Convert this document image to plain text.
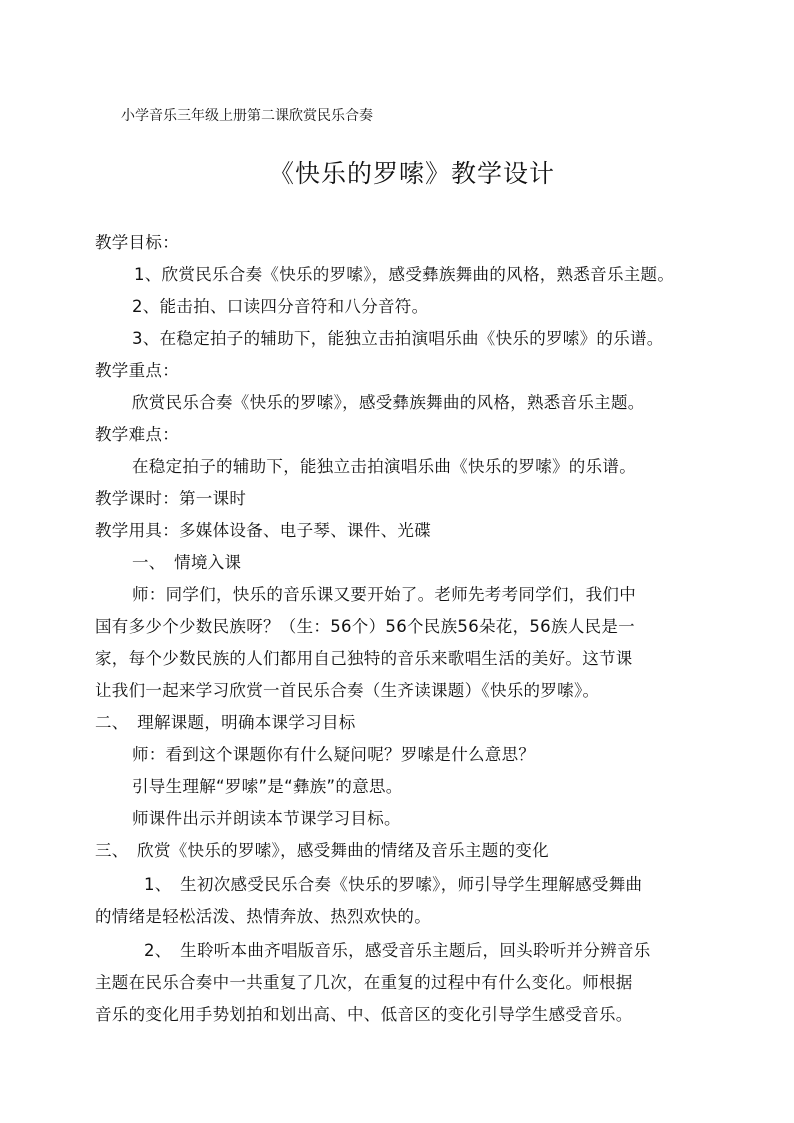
小学音乐三年级上册第二课欣赏民乐合奏
《快乐的罗嗦》教学设计
教学目标：
1、欣赏民乐合奏《快乐的罗嗦》，感受彝族舞曲的风格，熟悉音乐主题。
2、能击拍、口读四分音符和八分音符。
3、在稳定拍子的辅助下，能独立击拍演唱乐曲《快乐的罗嗦》的乐谱。
教学重点：
欣赏民乐合奏《快乐的罗嗦》，感受彝族舞曲的风格，熟悉音乐主题。
教学难点：
在稳定拍子的辅助下，能独立击拍演唱乐曲《快乐的罗嗦》的乐谱。
教学课时：第一课时
教学用具：多媒体设备、电子琴、课件、光碟
一、　情境入课
师：同学们，快乐的音乐课又要开始了。老师先考考同学们，我们中
国有多少个少数民族呀？（生：56个）56个民族56朵花，56族人民是一
家，每个少数民族的人们都用自己独特的音乐来歌唱生活的美好。这节课
让我们一起来学习欣赏一首民乐合奏（生齐读课题）《快乐的罗嗦》。
二、　理解课题，明确本课学习目标
师：看到这个课题你有什么疑问呢？罗嗦是什么意思？
引导生理解“罗嗦”是“彝族”的意思。
师课件出示并朗读本节课学习目标。
三、　欣赏《快乐的罗嗦》，感受舞曲的情绪及音乐主题的变化
1、　生初次感受民乐合奏《快乐的罗嗦》，师引导学生理解感受舞曲
的情绪是轻松活泼、热情奔放、热烈欢快的。
2、　生聆听本曲齐唱版音乐，感受音乐主题后，回头聆听并分辨音乐
主题在民乐合奏中一共重复了几次，在重复的过程中有什么变化。师根据
音乐的变化用手势划拍和划出高、中、低音区的变化引导学生感受音乐。
